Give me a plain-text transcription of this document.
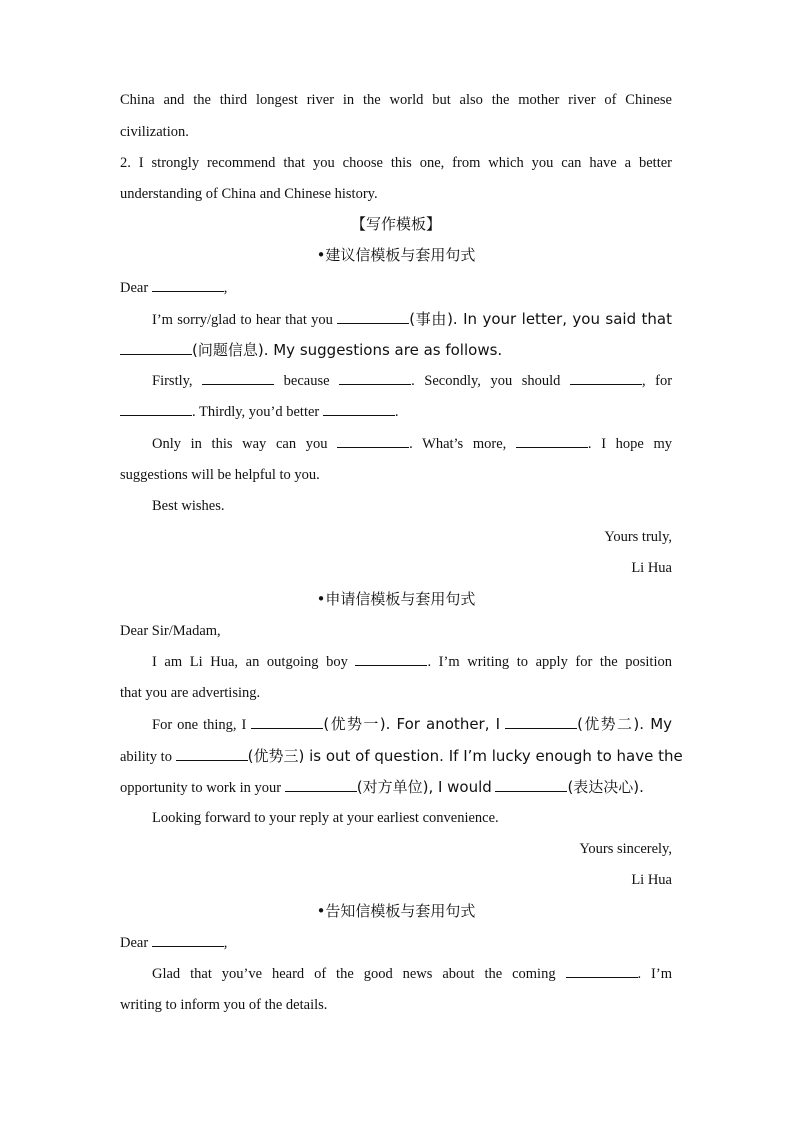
China and the third longest river in the world but also the mother river of Chinese
civilization.
2. I strongly recommend that you choose this one, from which you can have a better
understanding of China and Chinese history.
【写作模板】
•建议信模板与套用句式
Dear	,
I’m sorry/glad to hear that you	(事由). In your letter, you said that
(问题信息). My suggestions are as follows.
Firstly,	because	. Secondly, you should	, for
. Thirdly, you’d better	.
Only in this way can you	. What’s more,	. I hope my
suggestions will be helpful to you.
Best wishes.
Yours truly,
Li Hua
•申请信模板与套用句式
Dear Sir/Madam,
I am Li Hua, an outgoing boy	. I’m writing to apply for the position
that you are advertising.
For one thing, I	(优势一). For another, I	(优势二). My
ability to	(优势三) is out of question. If I’m lucky enough to have the
opportunity to work in your	(对方单位), I would	(表达决心).
Looking forward to your reply at your earliest convenience.
Yours sincerely,
Li Hua
•告知信模板与套用句式
Dear	,
Glad that you’ve heard of the good news about the coming	. I’m
writing to inform you of the details.
